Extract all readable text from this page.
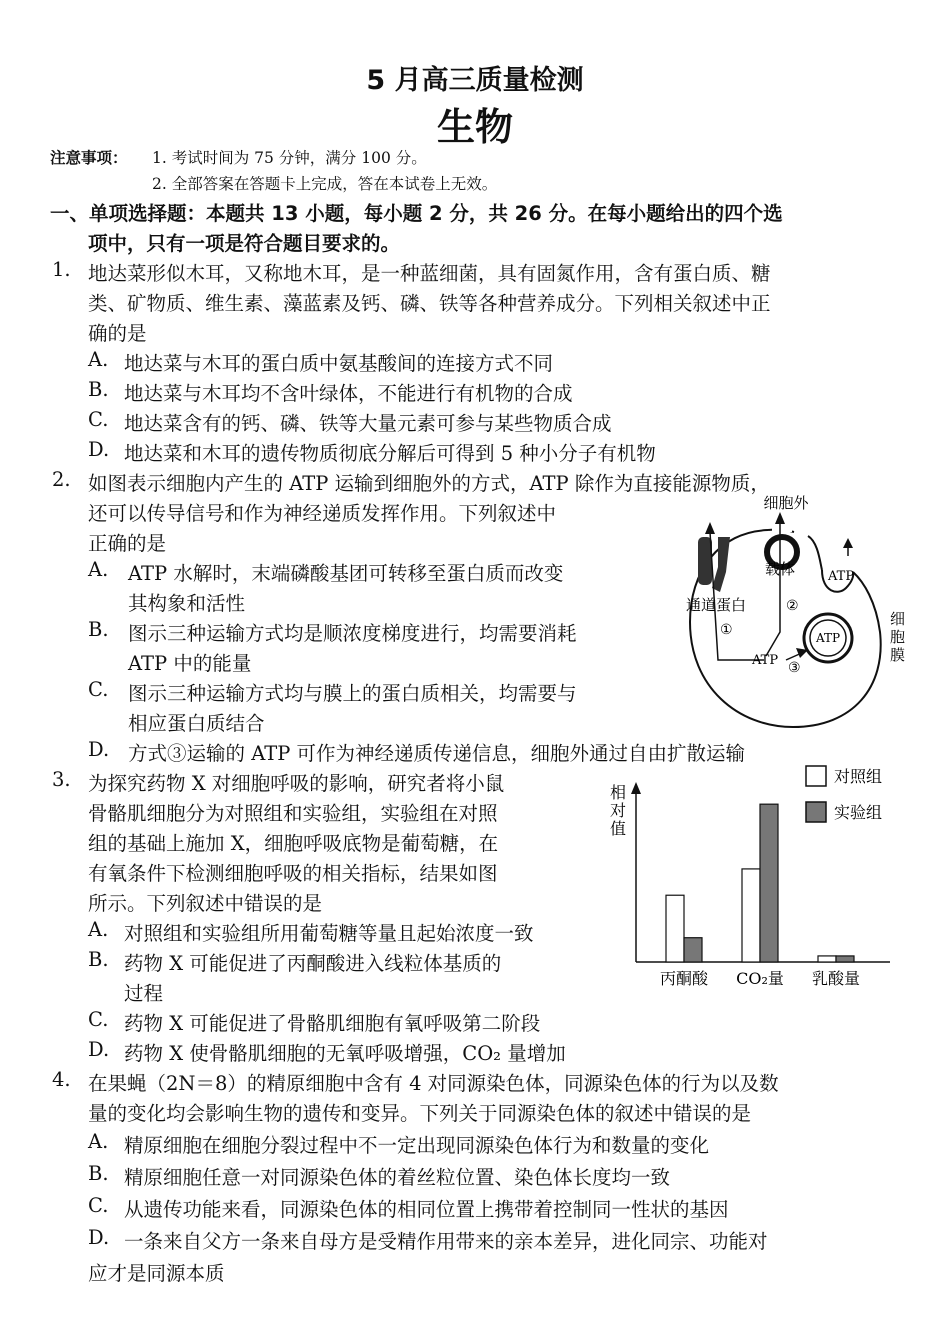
5 月高三质量检测
生物
注意事项： 1. 考试时间为 75 分钟，满分 100 分。
2. 全部答案在答题卡上完成，答在本试卷上无效。
一、单项选择题：本题共 13 小题，每小题 2 分，共 26 分。在每小题给出的四个选
项中，只有一项是符合题目要求的。
1. 地达菜形似木耳，又称地木耳，是一种蓝细菌，具有固氮作用，含有蛋白质、糖
类、矿物质、维生素、藻蓝素及钙、磷、铁等各种营养成分。下列相关叙述中正
确的是
A. 地达菜与木耳的蛋白质中氨基酸间的连接方式不同
B. 地达菜与木耳均不含叶绿体，不能进行有机物的合成
C. 地达菜含有的钙、磷、铁等大量元素可参与某些物质合成
D. 地达菜和木耳的遗传物质彻底分解后可得到 5 种小分子有机物
2. 如图表示细胞内产生的 ATP 运输到细胞外的方式，ATP 除作为直接能源物质，
还可以传导信号和作为神经递质发挥作用。下列叙述中
正确的是
A. ATP 水解时，末端磷酸基团可转移至蛋白质而改变
其构象和活性
B. 图示三种运输方式均是顺浓度梯度进行，均需要消耗
ATP 中的能量
C. 图示三种运输方式均与膜上的蛋白质相关，均需要与
相应蛋白质结合
D. 方式③运输的 ATP 可作为神经递质传递信息，细胞外通过自由扩散运输
细胞外
载体
通道蛋白
ATP
ATP
ATP
①
②
③
细
胞
膜
3. 为探究药物 X 对细胞呼吸的影响，研究者将小鼠
骨骼肌细胞分为对照组和实验组，实验组在对照
组的基础上施加 X，细胞呼吸底物是葡萄糖，在
有氧条件下检测细胞呼吸的相关指标，结果如图
所示。下列叙述中错误的是
A. 对照组和实验组所用葡萄糖等量且起始浓度一致
B. 药物 X 可能促进了丙酮酸进入线粒体基质的
过程
C. 药物 X 可能促进了骨骼肌细胞有氧呼吸第二阶段
D. 药物 X 使骨骼肌细胞的无氧呼吸增强，CO₂ 量增加
相
对
值
丙酮酸 CO₂量 乳酸量
对照组
实验组
4. 在果蝇（2N＝8）的精原细胞中含有 4 对同源染色体，同源染色体的行为以及数
量的变化均会影响生物的遗传和变异。下列关于同源染色体的叙述中错误的是
A. 精原细胞在细胞分裂过程中不一定出现同源染色体行为和数量的变化
B. 精原细胞任意一对同源染色体的着丝粒位置、染色体长度均一致
C. 从遗传功能来看，同源染色体的相同位置上携带着控制同一性状的基因
D. 一条来自父方一条来自母方是受精作用带来的亲本差异，进化同宗、功能对
应才是同源本质
